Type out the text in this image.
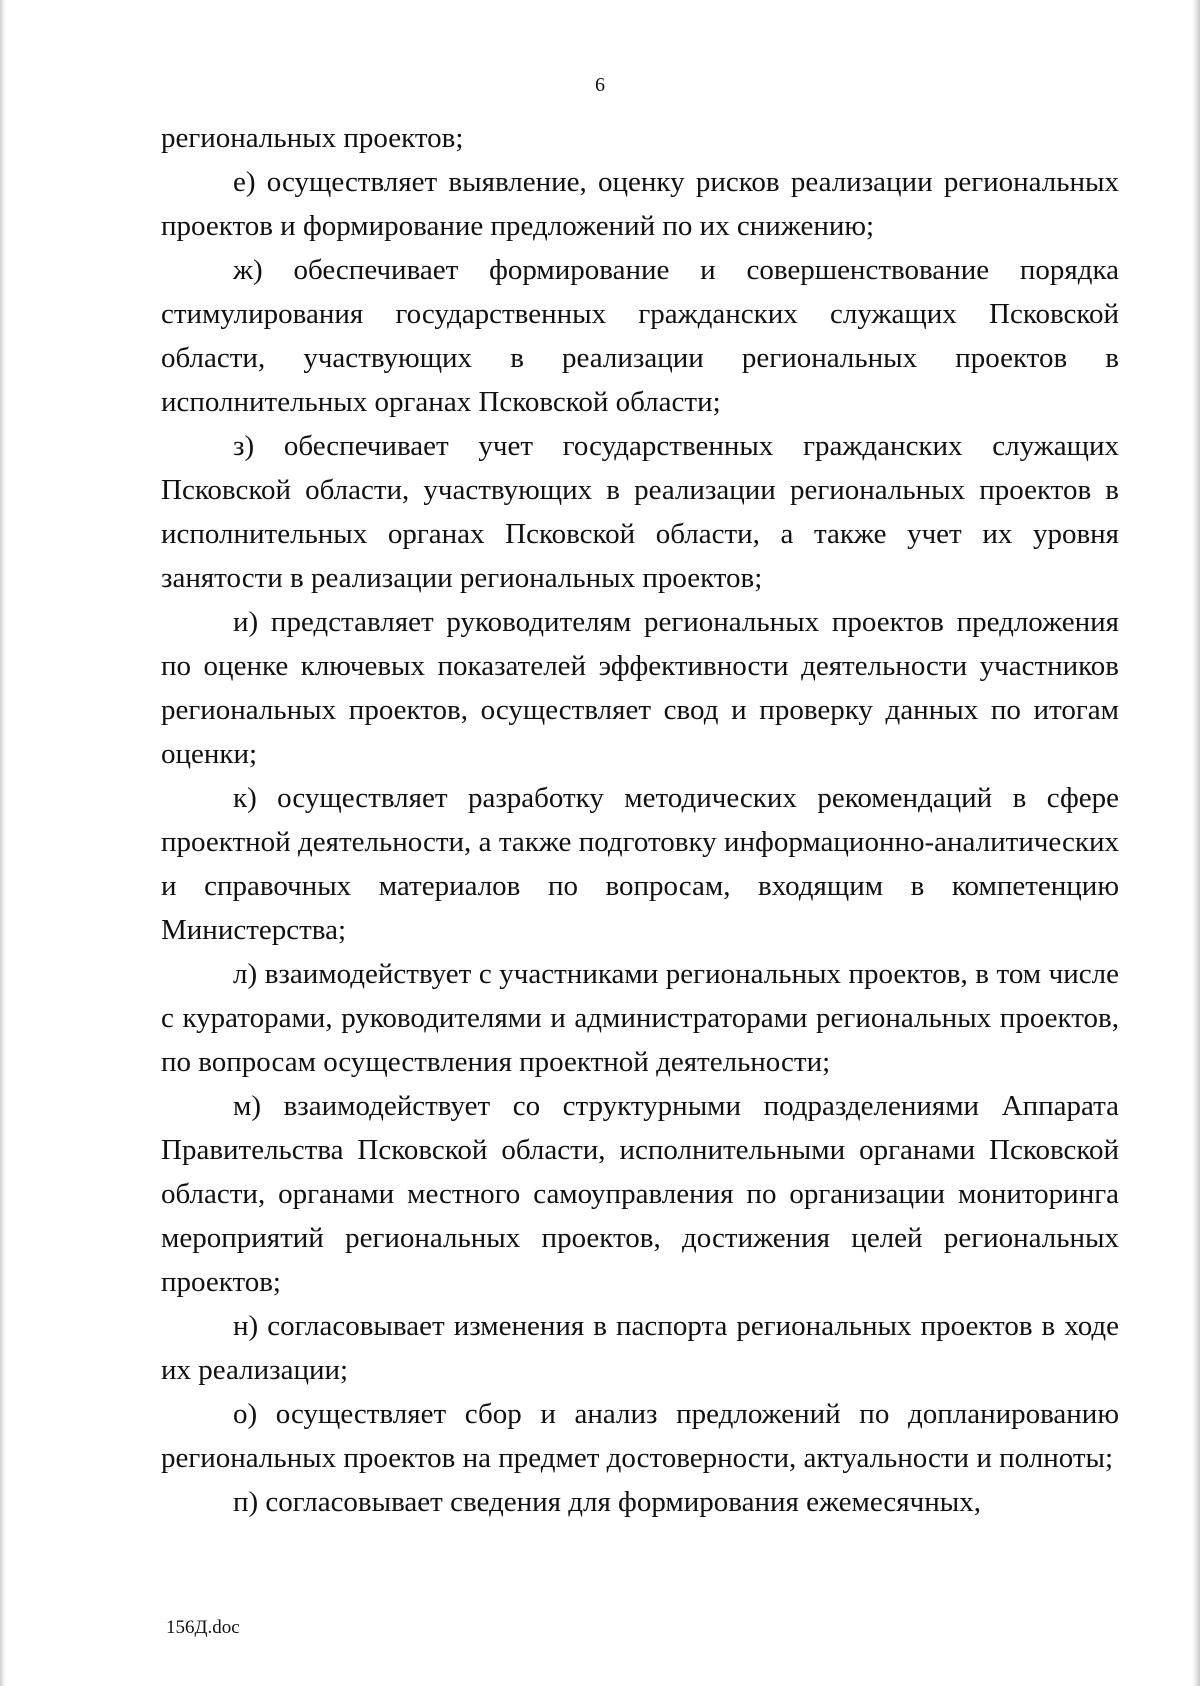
6

региональных проектов;

е) осуществляет выявление, оценку рисков реализации региональных проектов и формирование предложений по их снижению;

ж) обеспечивает формирование и совершенствование порядка стимулирования государственных гражданских служащих Псковской области, участвующих в реализации региональных проектов в исполнительных органах Псковской области;

з) обеспечивает учет государственных гражданских служащих Псковской области, участвующих в реализации региональных проектов в исполнительных органах Псковской области, а также учет их уровня занятости в реализации региональных проектов;

и) представляет руководителям региональных проектов предложения по оценке ключевых показателей эффективности деятельности участников региональных проектов, осуществляет свод и проверку данных по итогам оценки;

к) осуществляет разработку методических рекомендаций в сфере проектной деятельности, а также подготовку информационно-аналитических и справочных материалов по вопросам, входящим в компетенцию Министерства;

л) взаимодействует с участниками региональных проектов, в том числе с кураторами, руководителями и администраторами региональных проектов, по вопросам осуществления проектной деятельности;

м) взаимодействует со структурными подразделениями Аппарата Правительства Псковской области, исполнительными органами Псковской области, органами местного самоуправления по организации мониторинга мероприятий региональных проектов, достижения целей региональных проектов;

н) согласовывает изменения в паспорта региональных проектов в ходе их реализации;

о) осуществляет сбор и анализ предложений по допланированию региональных проектов на предмет достоверности, актуальности и полноты;

п) согласовывает сведения для формирования ежемесячных,

156Д.doc
